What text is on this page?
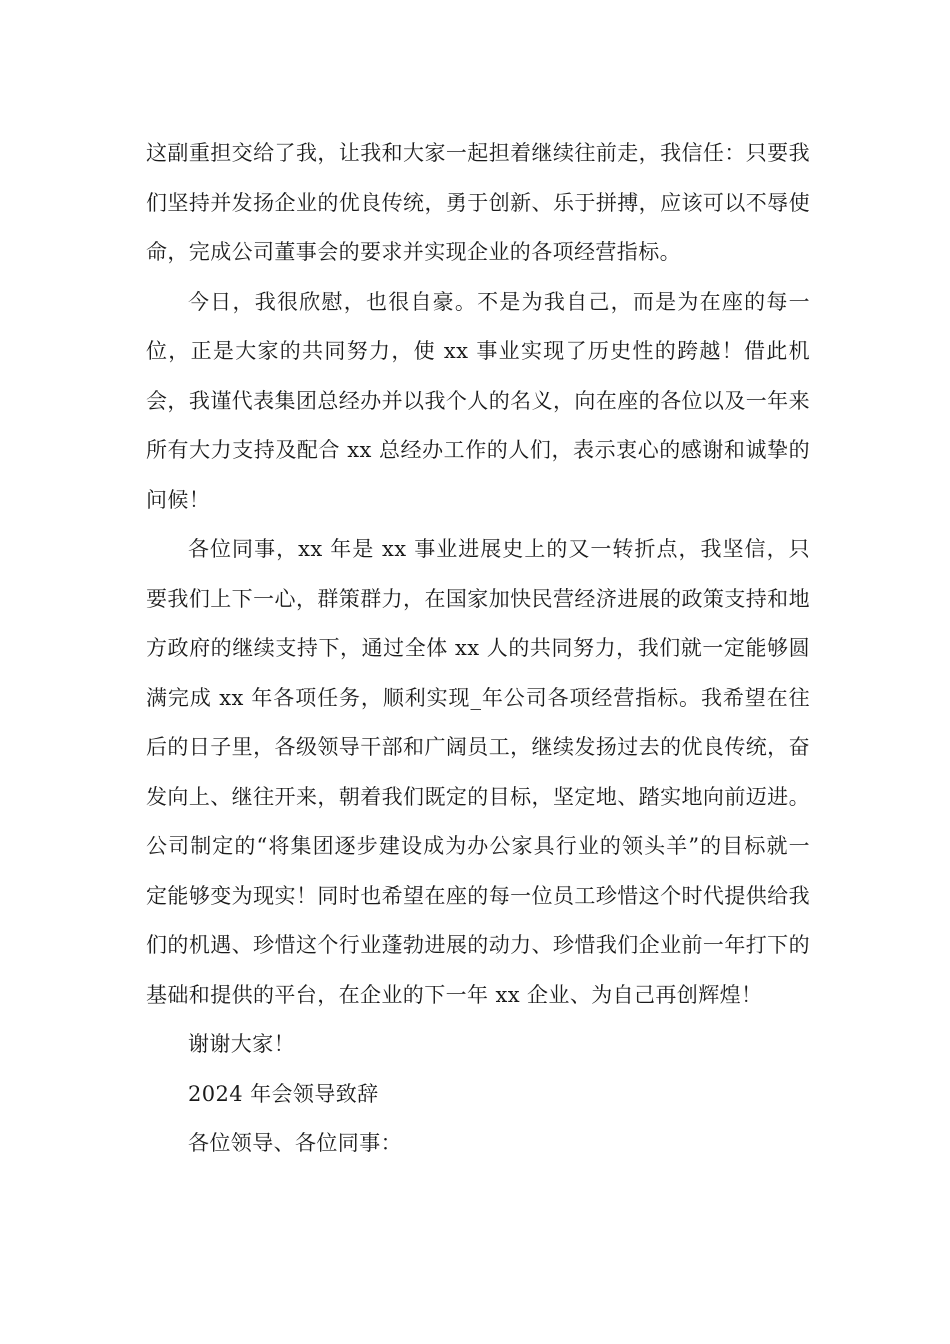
这副重担交给了我，让我和大家一起担着继续往前走，我信任：只要我们坚持并发扬企业的优良传统，勇于创新、乐于拼搏，应该可以不辱使命，完成公司董事会的要求并实现企业的各项经营指标。

今日，我很欣慰，也很自豪。不是为我自己，而是为在座的每一位，正是大家的共同努力，使 xx 事业实现了历史性的跨越！借此机会，我谨代表集团总经办并以我个人的名义，向在座的各位以及一年来所有大力支持及配合 xx 总经办工作的人们，表示衷心的感谢和诚挚的问候！

各位同事，xx 年是 xx 事业进展史上的又一转折点，我坚信，只要我们上下一心，群策群力，在国家加快民营经济进展的政策支持和地方政府的继续支持下，通过全体 xx 人的共同努力，我们就一定能够圆满完成 xx 年各项任务，顺利实现_年公司各项经营指标。我希望在往后的日子里，各级领导干部和广阔员工，继续发扬过去的优良传统，奋发向上、继往开来，朝着我们既定的目标，坚定地、踏实地向前迈进。公司制定的“将集团逐步建设成为办公家具行业的领头羊”的目标就一定能够变为现实！同时也希望在座的每一位员工珍惜这个时代提供给我们的机遇、珍惜这个行业蓬勃进展的动力、珍惜我们企业前一年打下的基础和提供的平台，在企业的下一年 xx 企业、为自己再创辉煌！

谢谢大家！

2024 年会领导致辞

各位领导、各位同事：
